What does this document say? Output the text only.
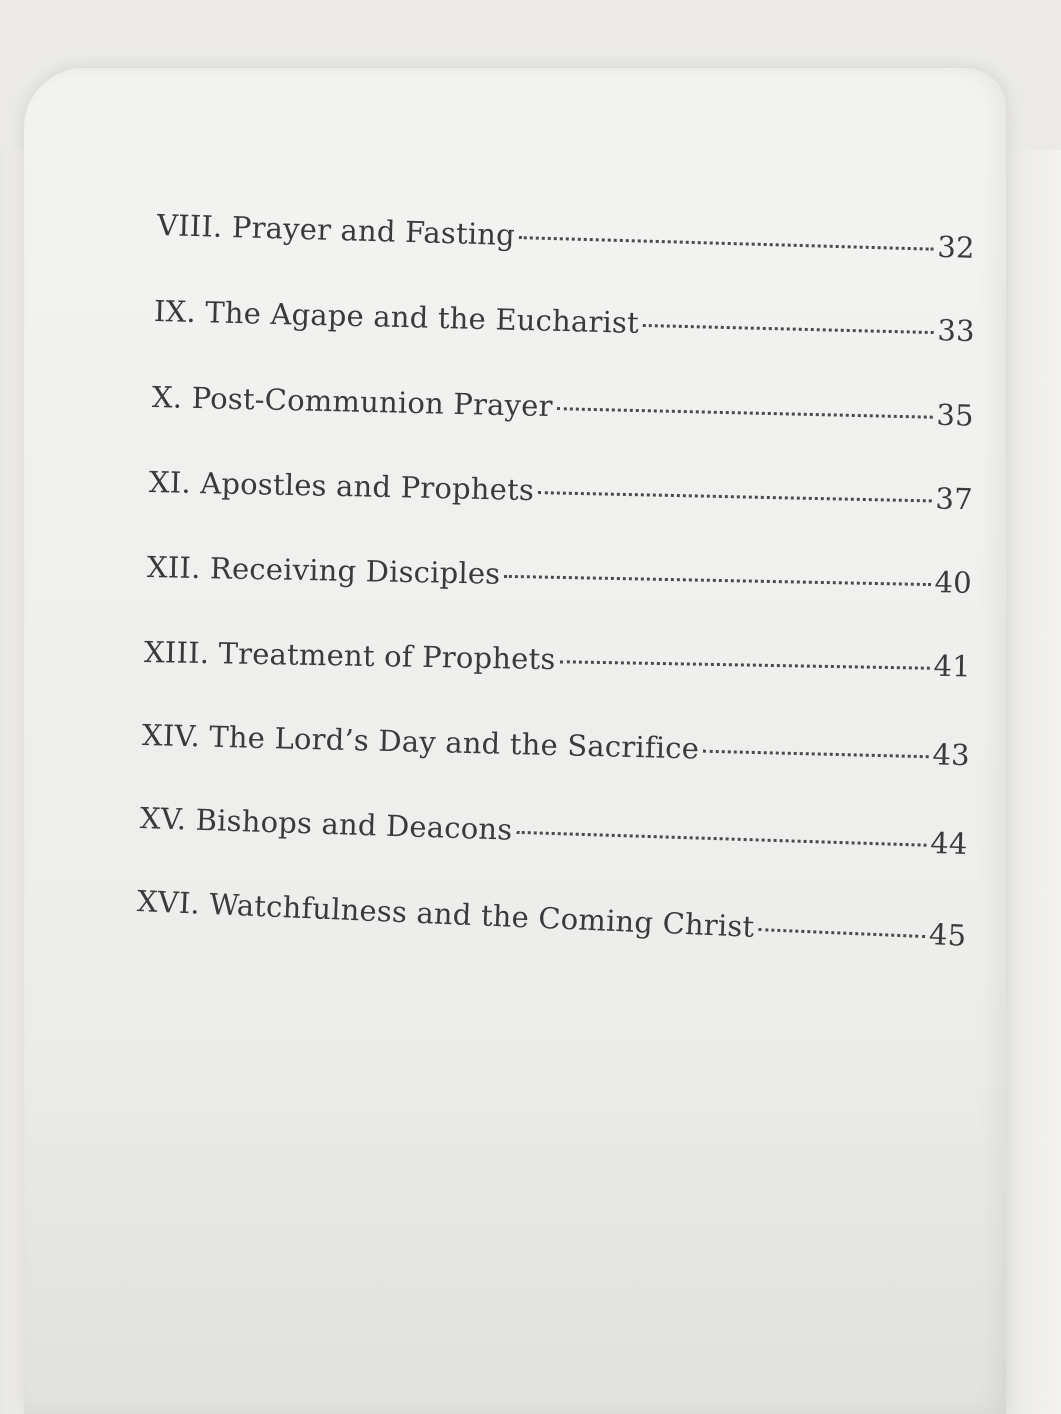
VIII. Prayer and Fasting	32
IX. The Agape and the Eucharist	33
X. Post-Communion Prayer	35
XI. Apostles and Prophets	37
XII. Receiving Disciples	40
XIII. Treatment of Prophets	41
XIV. The Lord’s Day and the Sacrifice	43
XV. Bishops and Deacons	44
XVI. Watchfulness and the Coming Christ	45
